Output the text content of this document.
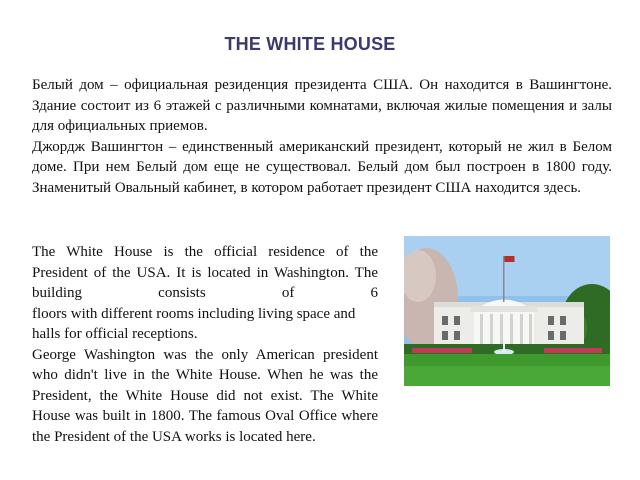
THE WHITE HOUSE

Белый дом – официальная резиденция президента США. Он находится в Вашингтоне. Здание состоит из 6 этажей с различными комнатами, включая жилые помещения и залы для официальных приемов.

Джордж Вашингтон – единственный американский президент, который не жил в Белом доме. При нем Белый дом еще не существовал. Белый дом был построен в 1800 году. Знаменитый Овальный кабинет, в котором работает президент США находится здесь.

The White House is the official residence of the President of the USA. It is located in Washington. The building consists of 6

floors with different rooms including living space and halls for official receptions.

George Washington was the only American president who didn't live in the White House. When he was the President, the White House did not exist. The White House was built in 1800. The famous Oval Office where the President of the USA works is located here.
